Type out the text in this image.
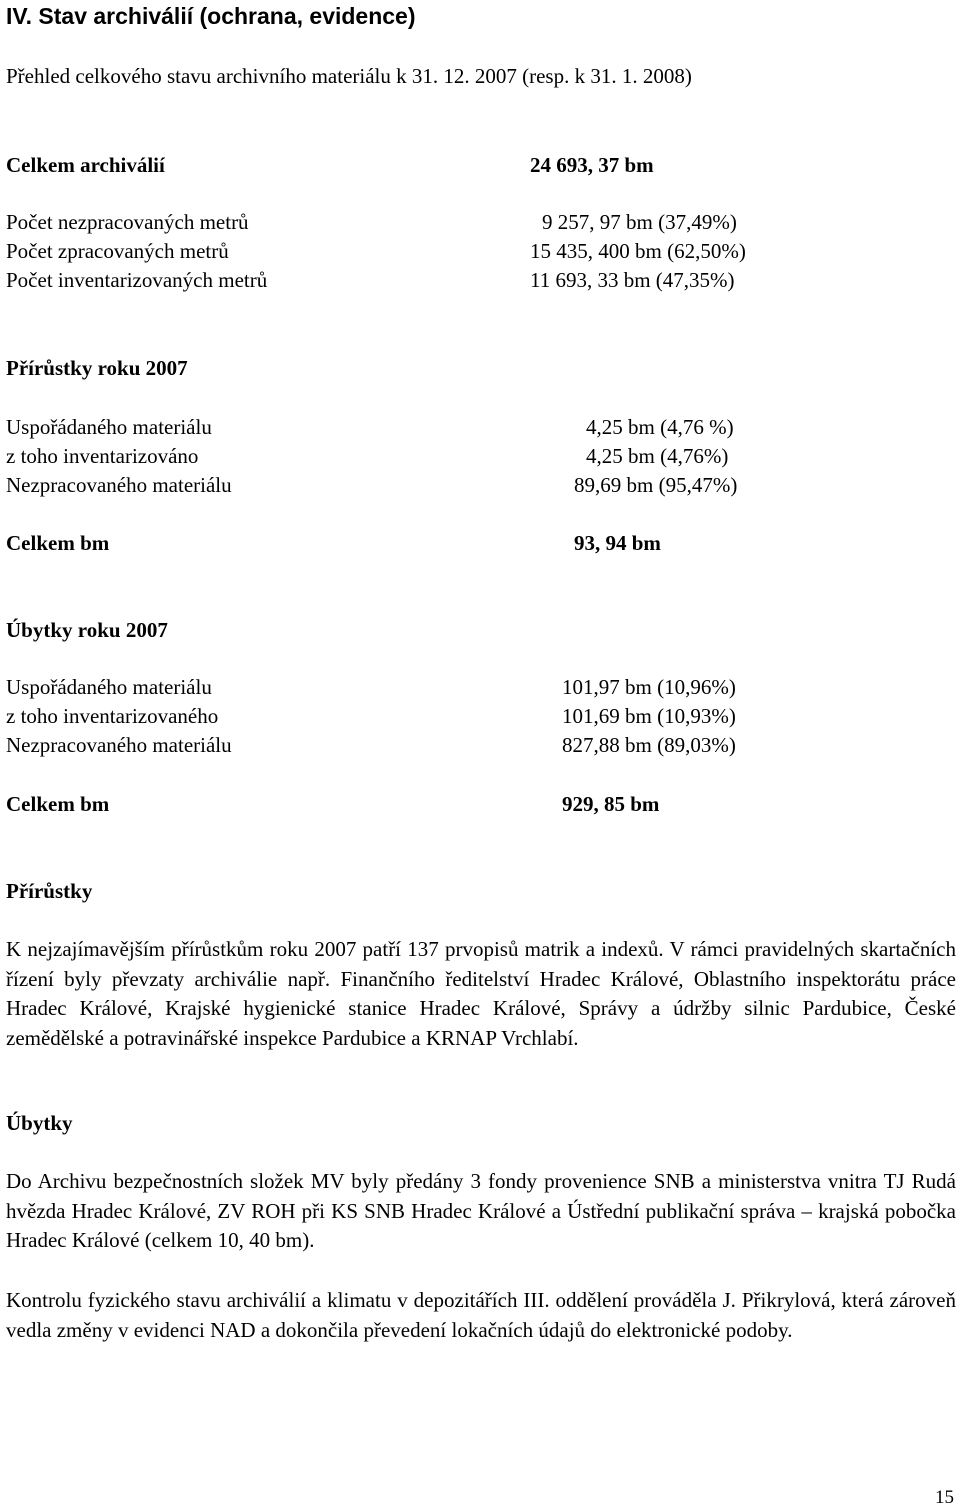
IV. Stav archiválií (ochrana, evidence)
Přehled celkového stavu archivního materiálu k 31. 12. 2007 (resp. k 31. 1. 2008)
Celkem archiválií	24 693, 37 bm
Počet nezpracovaných metrů	9 257, 97 bm (37,49%)
Počet zpracovaných metrů	15 435, 400 bm (62,50%)
Počet inventarizovaných metrů	11 693, 33 bm (47,35%)
Přírůstky roku 2007
Uspořádaného materiálu	4,25 bm (4,76 %)
z toho inventarizováno	4,25 bm (4,76%)
Nezpracovaného materiálu	89,69 bm (95,47%)
Celkem bm	93, 94 bm
Úbytky roku 2007
Uspořádaného materiálu	101,97 bm (10,96%)
z toho inventarizovaného	101,69 bm (10,93%)
Nezpracovaného materiálu	827,88 bm (89,03%)
Celkem bm	929, 85 bm
Přírůstky
K nejzajímavějším přírůstkům roku 2007 patří 137 prvopisů matrik a indexů. V rámci pravidelných skartačních řízení byly převzaty archiválie např. Finančního ředitelství Hradec Králové, Oblastního inspektorátu práce Hradec Králové, Krajské hygienické stanice Hradec Králové, Správy a údržby silnic Pardubice, České zemědělské a potravinářské inspekce Pardubice a KRNAP Vrchlabí.
Úbytky
Do Archivu bezpečnostních složek MV byly předány 3 fondy provenience SNB a ministerstva vnitra TJ Rudá hvězda Hradec Králové, ZV ROH při KS SNB Hradec Králové a Ústřední publikační správa – krajská pobočka Hradec Králové (celkem 10, 40 bm).
Kontrolu fyzického stavu archiválií a klimatu v depozitářích III. oddělení prováděla J. Přikrylová, která zároveň vedla změny v evidenci NAD a dokončila převedení lokačních údajů do elektronické podoby.
15
